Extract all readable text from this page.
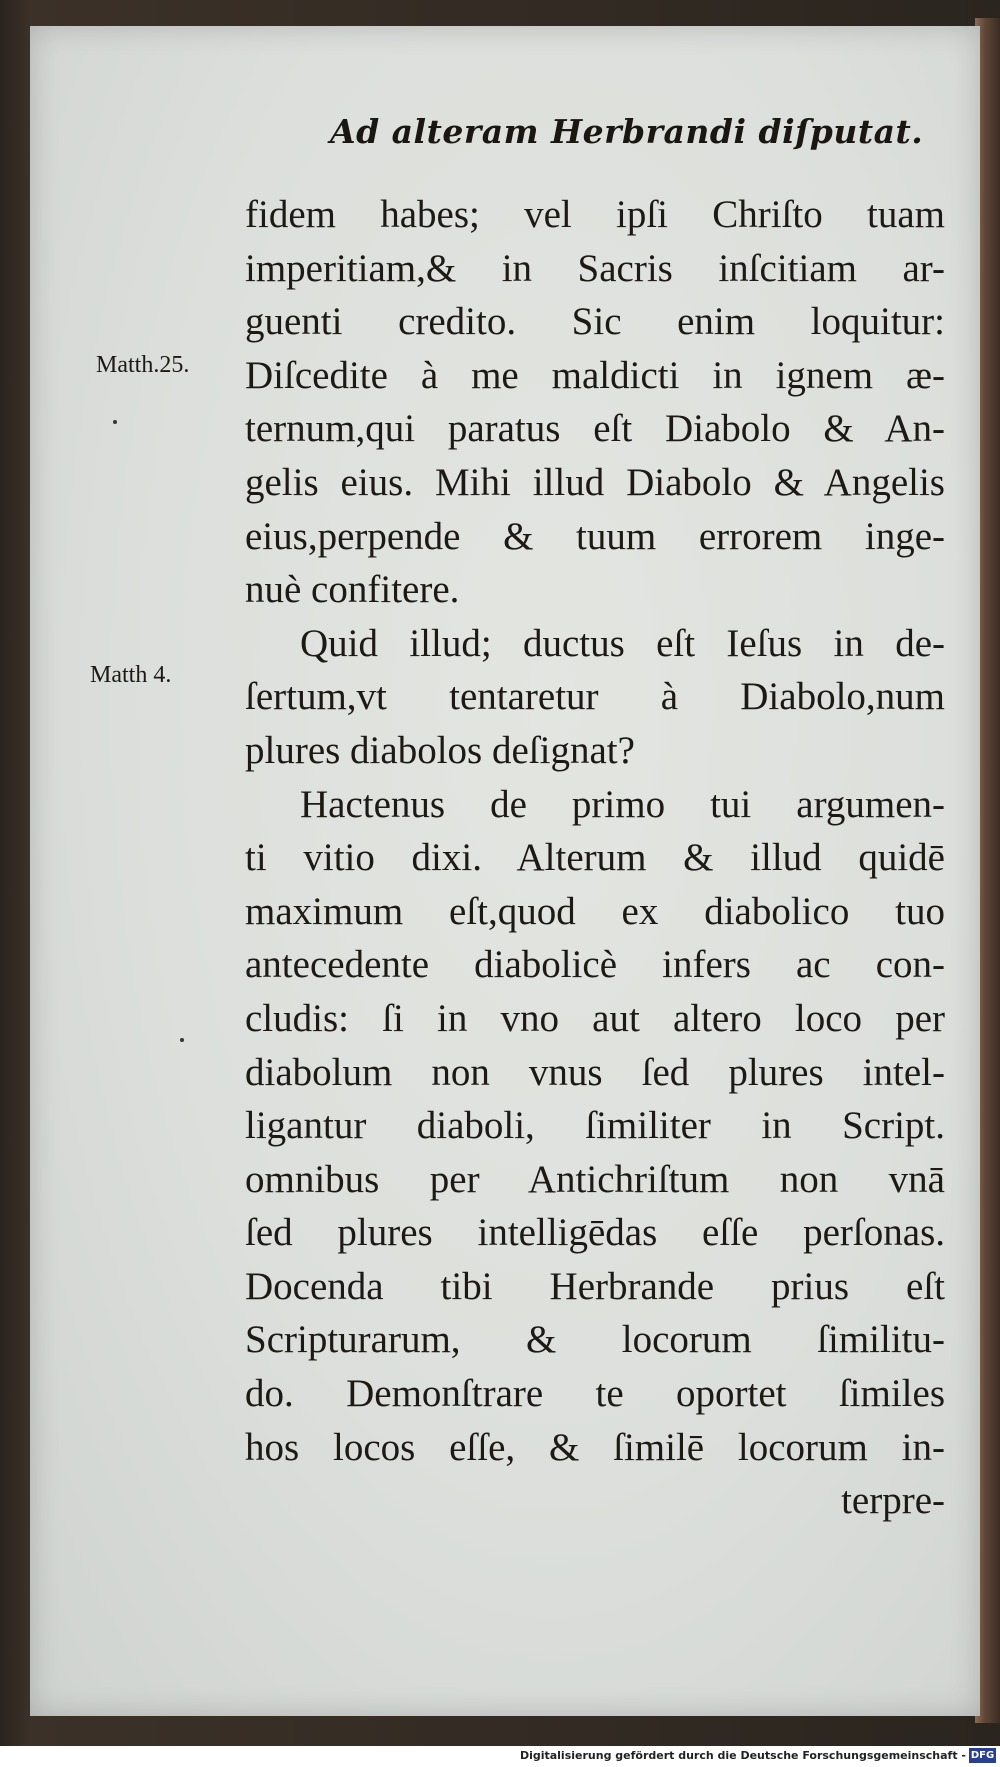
Ad alteram Herbrandi diſputat.
Matth.25.
Matth 4.
fidem habes; vel ipſi Chriſto tuam
imperitiam,& in Sacris inſcitiam ar-
guenti credito. Sic enim loquitur:
Diſcedite à me maldicti in ignem æ-
ternum,qui paratus eſt Diabolo & An-
gelis eius. Mihi illud Diabolo & Angelis
eius,perpende & tuum errorem inge-
nuè confitere.
Quid illud; ductus eſt Ieſus in de-
ſertum,vt tentaretur à Diabolo,num
plures diabolos deſignat?
Hactenus de primo tui argumen-
ti vitio dixi. Alterum & illud quidē
maximum eſt,quod ex diabolico tuo
antecedente diabolicè infers ac con-
cludis: ſi in vno aut altero loco per
diabolum non vnus ſed plures intel-
ligantur diaboli, ſimiliter in Script.
omnibus per Antichriſtum non vnā
ſed plures intelligēdas eſſe perſonas.
Docenda tibi Herbrande prius eſt
Scripturarum, & locorum ſimilitu-
do. Demonſtrare te oportet ſimiles
hos locos eſſe, & ſimilē locorum in-
terpre-
Digitalisierung gefördert durch die Deutsche Forschungsgemeinschaft - DFG
